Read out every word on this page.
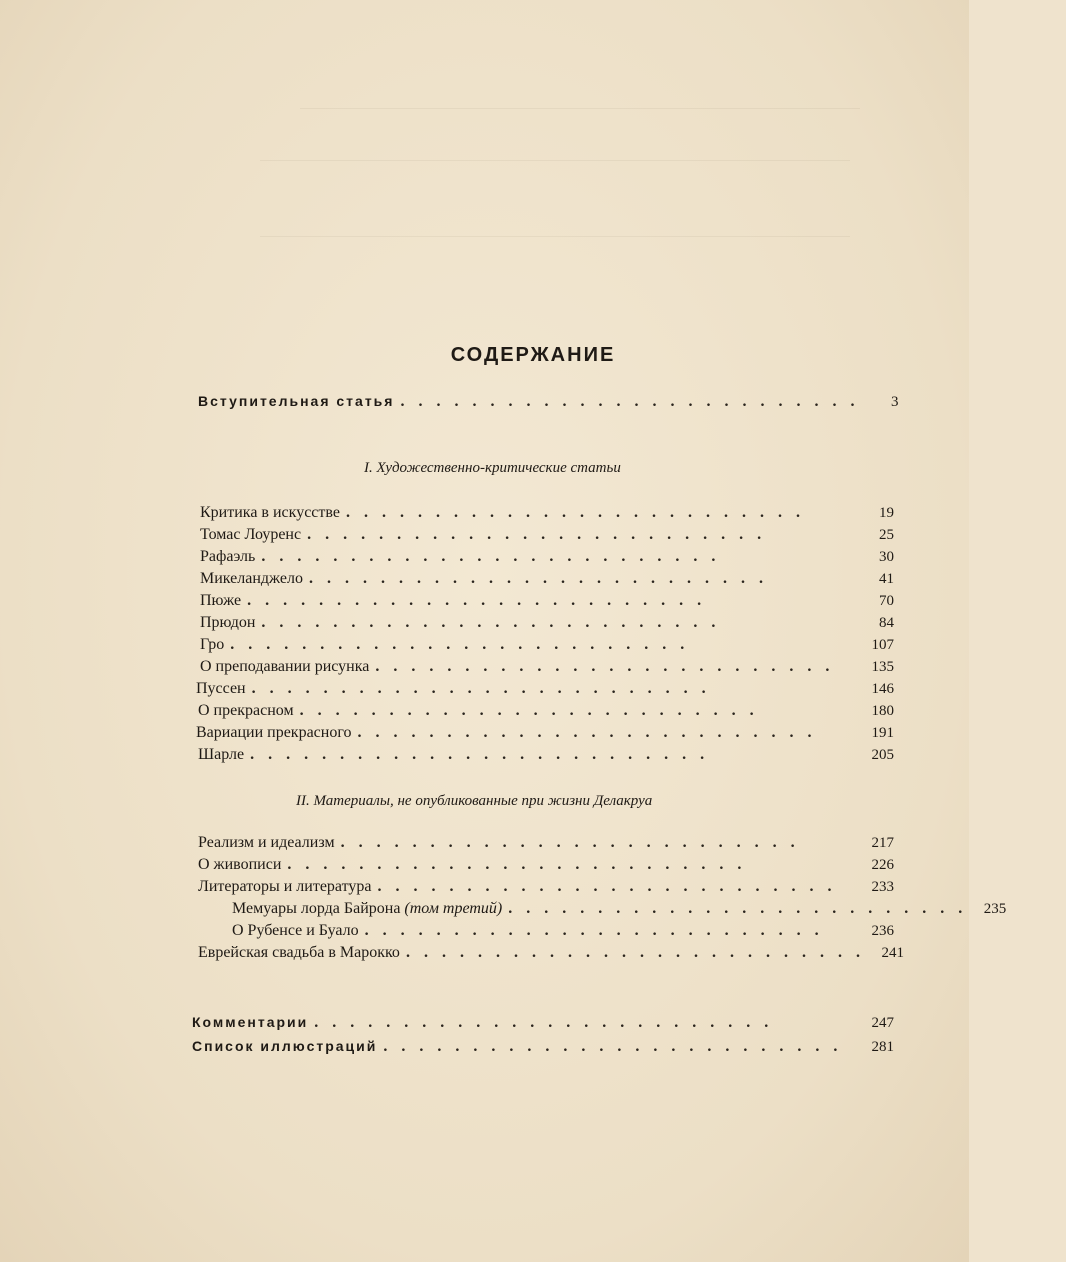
СОДЕРЖАНИЕ
Вступительная статья ..........................	3
I. Художественно-критические статьи
Критика в искусстве ..........................	19
Томас Лоуренс ..........................	25
Рафаэль ..........................	30
Микеланджело ..........................	41
Пюже ..........................	70
Прюдон ..........................	84
Гро ..........................	107
О преподавании рисунка ..........................	135
Пуссен ..........................	146
О прекрасном ..........................	180
Вариации прекрасного ..........................	191
Шарле ..........................	205
II. Материалы, не опубликованные при жизни Делакруа
Реализм и идеализм ..........................	217
О живописи ..........................	226
Литераторы и литература ..........................	233
Мемуары лорда Байрона (том третий) .......................... 235
О Рубенсе и Буало ..........................	236
Еврейская свадьба в Марокко .......................... 241
Комментарии ..........................	247
Список иллюстраций ..........................	281
